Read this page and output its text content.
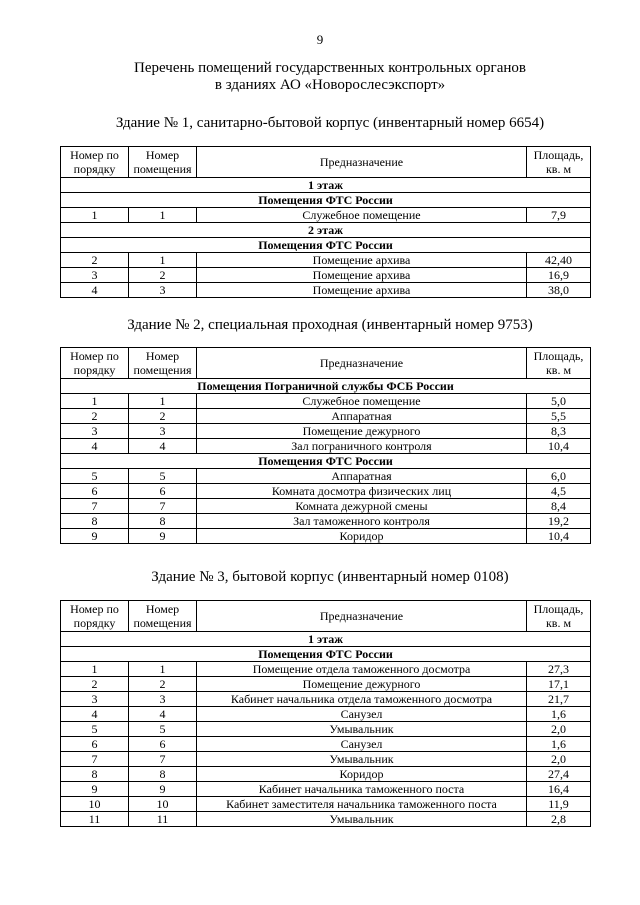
9
Перечень помещений государственных контрольных органов
в зданиях АО «Новорослесэкспорт»
Здание № 1, санитарно-бытовой корпус (инвентарный номер 6654)
Номер по порядку	Номер помещения	Предназначение	Площадь, кв. м
1 этаж			
Помещения ФТС России			
1	1	Служебное помещение	7,9
2 этаж			
Помещения ФТС России			
2	1	Помещение архива	42,40
3	2	Помещение архива	16,9
4	3	Помещение архива	38,0
Здание № 2, специальная проходная (инвентарный номер 9753)
Номер по порядку	Номер помещения	Предназначение	Площадь, кв. м
Помещения Пограничной службы ФСБ России			
1	1	Служебное помещение	5,0
2	2	Аппаратная	5,5
3	3	Помещение дежурного	8,3
4	4	Зал пограничного контроля	10,4
Помещения ФТС России			
5	5	Аппаратная	6,0
6	6	Комната досмотра физических лиц	4,5
7	7	Комната дежурной смены	8,4
8	8	Зал таможенного контроля	19,2
9	9	Коридор	10,4
Здание № 3, бытовой корпус (инвентарный номер 0108)
Номер по порядку	Номер помещения	Предназначение	Площадь, кв. м
1 этаж			
Помещения ФТС России			
1	1	Помещение отдела таможенного досмотра	27,3
2	2	Помещение дежурного	17,1
3	3	Кабинет начальника отдела таможенного досмотра	21,7
4	4	Санузел	1,6
5	5	Умывальник	2,0
6	6	Санузел	1,6
7	7	Умывальник	2,0
8	8	Коридор	27,4
9	9	Кабинет начальника таможенного поста	16,4
10	10	Кабинет заместителя начальника таможенного поста	11,9
11	11	Умывальник	2,8
